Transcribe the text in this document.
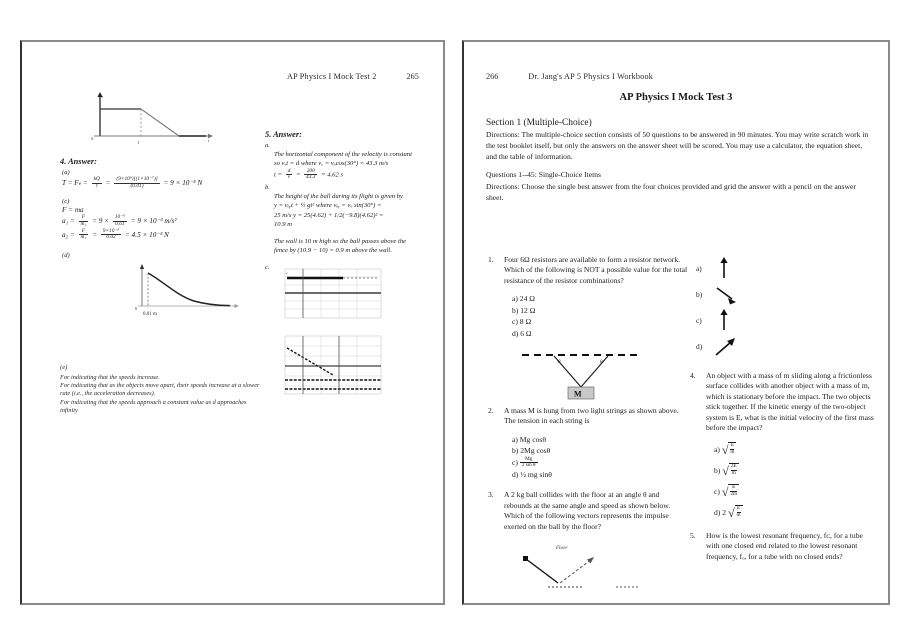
AP Physics I Mock Test 2	265
v
t
0
t
4. Answer:
(a)
$T = Fe = \frac{kQ}{r} = \frac{\text{(9×10⁹)[(1×10⁻⁷)]}}{(0.01)} = 9 \times 10^{-5}$ N
(c)
F = ma
$a_1 = \frac{F}{\text{m₁}} = 9 \times \frac{\text{10⁻⁵}}{0.01} = 9 \times 10^{-3}$ m/s²
$a_2 = \frac{F}{\text{m₂}} = \frac{\text{9×10⁻⁵}}{0.02} = 4.5 \times 10^{-3}$ N
(d)
0
0.01 m
(e)
For indicating that the speeds increase.
For indicating that as the objects move apart, their speeds increase at a slower rate (i.e., the acceleration decreases).
For indicating that the speeds approach a constant value as d approaches infinity
5. Answer:
a.
The horizontal component of the velocity is constant
so vₓt = d where vₓ = vₒcos(30°) = 43.3 m/s
$t = \frac{d}{v} = \frac{200}{43.3} = 4.62$ s
b.
The height of the ball during its flight is given by
y = vₒᵧt + ½ gt² where vₒᵧ = vₒ sin(30°) =
25 m/s y = 25(4.62) + 1/2(−9.8)(4.62)² =
10.9 m
The wall is 10 m high so the ball passes above the
fence by (10.9 − 10) = 0.9 m above the wall.
c.
v
266	Dr. Jang's AP 5 Physics I Workbook
AP Physics I Mock Test 3
Section 1 (Multiple-Choice)

Directions: The multiple-choice section consists of 50 questions to be answered in 90 minutes. You may write scratch work in the test booklet itself, but only the answers on the answer sheet will be scored. You may use a calculator, the equation sheet, and the table of information.

Questions 1--45: Single-Choice Items

Directions: Choose the single best answer from the four choices provided and grid the answer with a pencil on the answer sheet.

1.	Four 6Ω resistors are available to form a resistor network. Which of the following is NOT a possible value for the total resistance of the resistor combinations?
a) 24 Ω
b) 12 Ω
c) 8 Ω
d) 6 Ω
M
θ	θ
2.	A mass M is hung from two light strings as shown above. The tension in each string is
a) Mg cosθ
b) 2Mg cosθ
$c) \frac{Mg}{\text{2 sin θ}}$
d) ½ mg sinθ
3.	A 2 kg ball collides with the floor at an angle θ and rebounds at the same angle and speed as shown below. Which of the following vectors represents the impulse exerted on the ball by the floor?
Floor
a)
b)
c)
d)
4.	An object with a mass of m sliding along a frictionless surface collides with another object with a mass of m, which is stationary before the impact. The two objects stick together. If the kinetic energy of the two-object system is E, what is the initial velocity of the first mass before the impact?
a) √ $\frac{E}{m}$
b) √ $\frac{2E}{m}$
c) √ $\frac{E}{2m}$
d) 2 √ $\frac{E}{m}$
5.	How is the lowest resonant frequency, fᴄ, for a tube with one closed end related to the lowest resonant frequency, fₒ, for a tube with no closed ends?
